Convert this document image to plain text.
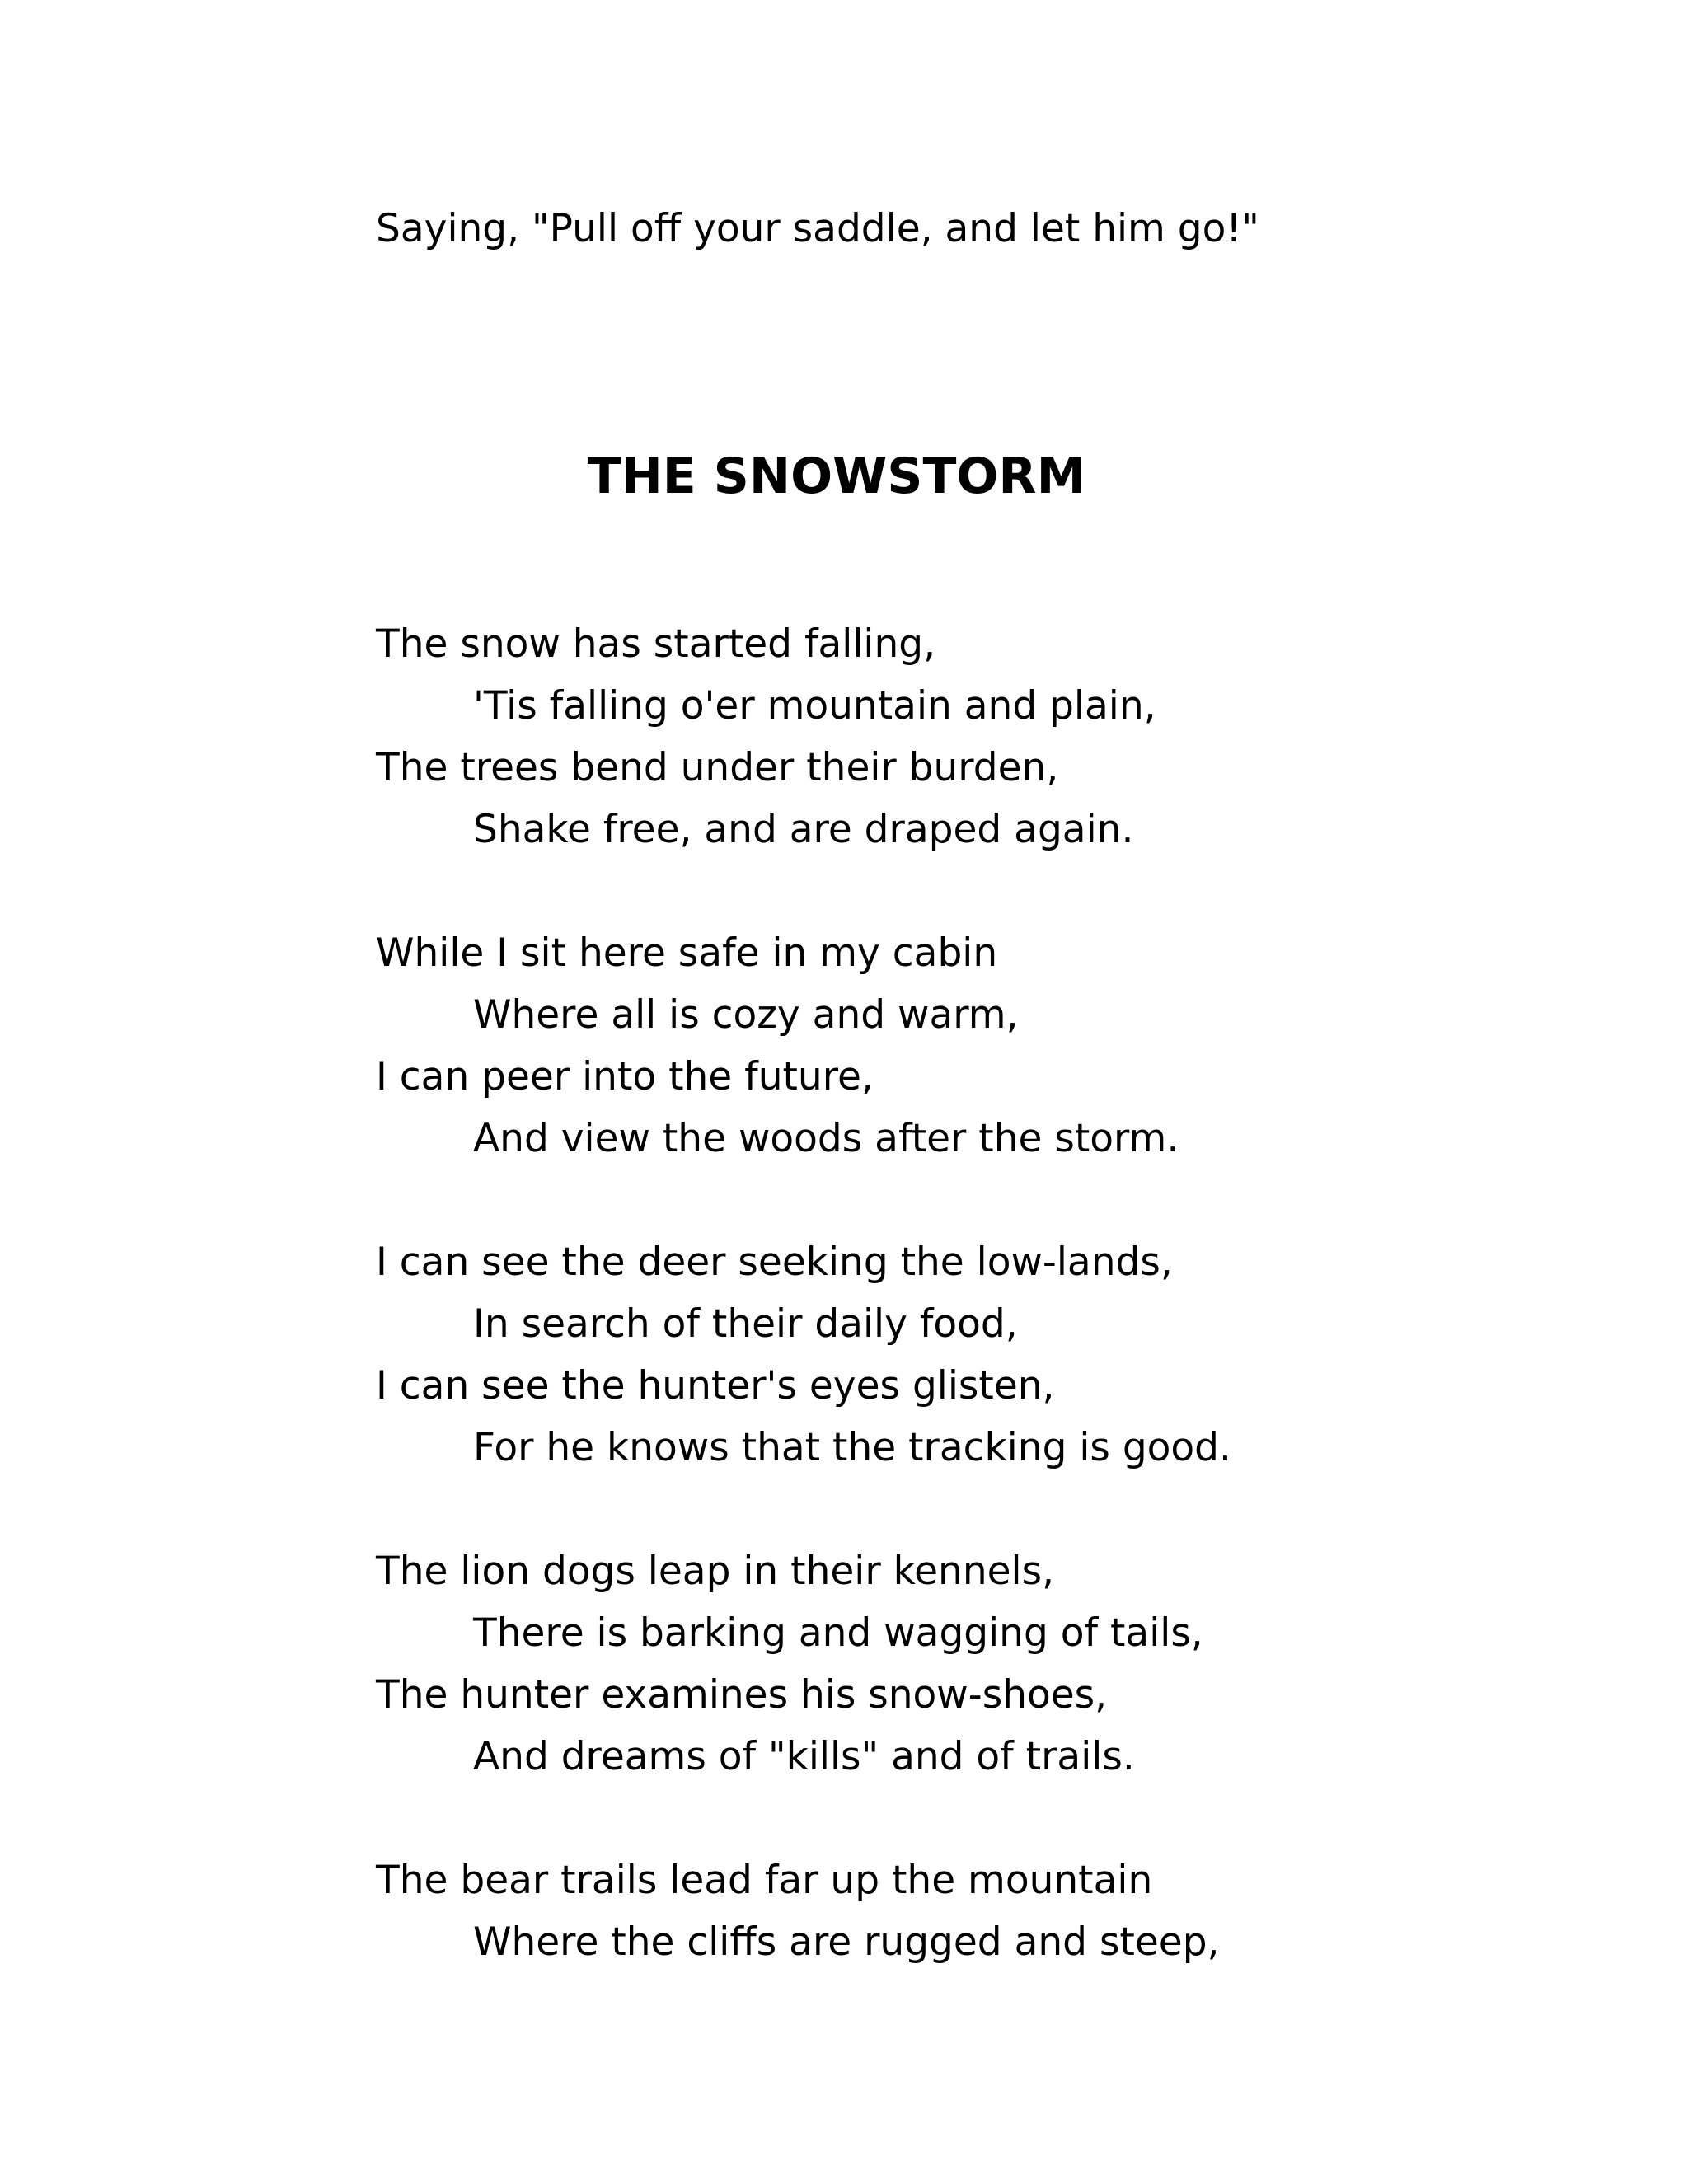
Saying, "Pull off your saddle, and let him go!"
THE SNOWSTORM
The snow has started falling,
'Tis falling o'er mountain and plain,
The trees bend under their burden,
Shake free, and are draped again.
While I sit here safe in my cabin
Where all is cozy and warm,
I can peer into the future,
And view the woods after the storm.
I can see the deer seeking the low-lands,
In search of their daily food,
I can see the hunter's eyes glisten,
For he knows that the tracking is good.
The lion dogs leap in their kennels,
There is barking and wagging of tails,
The hunter examines his snow-shoes,
And dreams of "kills" and of trails.
The bear trails lead far up the mountain
Where the cliffs are rugged and steep,
